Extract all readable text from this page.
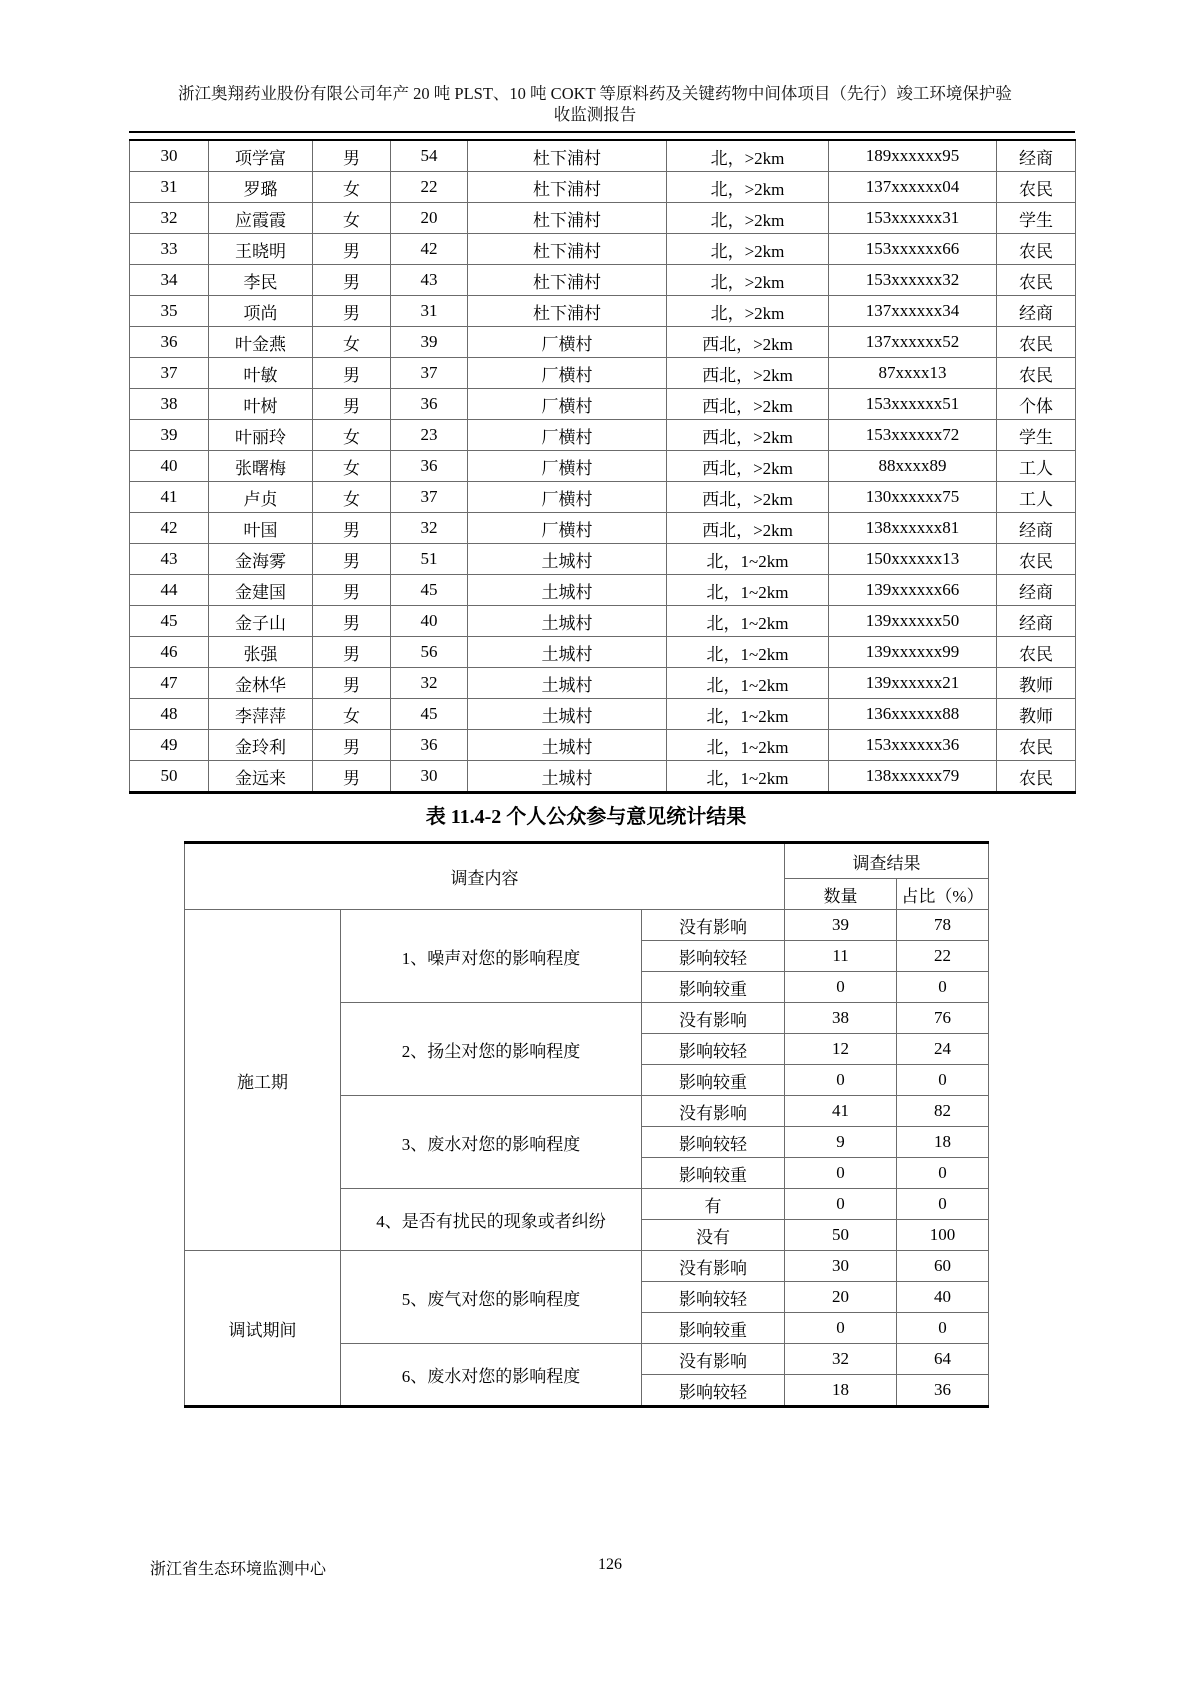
浙江奥翔药业股份有限公司年产 20 吨 PLST、10 吨 COKT 等原料药及关键药物中间体项目（先行）竣工环境保护验
收监测报告
30	项学富	男	54	杜下浦村	北，>2km	189xxxxxx95	经商
31	罗璐	女	22	杜下浦村	北，>2km	137xxxxxx04	农民
32	应霞霞	女	20	杜下浦村	北，>2km	153xxxxxx31	学生
33	王晓明	男	42	杜下浦村	北，>2km	153xxxxxx66	农民
34	李民	男	43	杜下浦村	北，>2km	153xxxxxx32	农民
35	项尚	男	31	杜下浦村	北，>2km	137xxxxxx34	经商
36	叶金燕	女	39	厂横村	西北，>2km	137xxxxxx52	农民
37	叶敏	男	37	厂横村	西北，>2km	87xxxx13	农民
38	叶树	男	36	厂横村	西北，>2km	153xxxxxx51	个体
39	叶丽玲	女	23	厂横村	西北，>2km	153xxxxxx72	学生
40	张曙梅	女	36	厂横村	西北，>2km	88xxxx89	工人
41	卢贞	女	37	厂横村	西北，>2km	130xxxxxx75	工人
42	叶国	男	32	厂横村	西北，>2km	138xxxxxx81	经商
43	金海雾	男	51	土城村	北，1~2km	150xxxxxx13	农民
44	金建国	男	45	土城村	北，1~2km	139xxxxxx66	经商
45	金子山	男	40	土城村	北，1~2km	139xxxxxx50	经商
46	张强	男	56	土城村	北，1~2km	139xxxxxx99	农民
47	金林华	男	32	土城村	北，1~2km	139xxxxxx21	教师
48	李萍萍	女	45	土城村	北，1~2km	136xxxxxx88	教师
49	金玲利	男	36	土城村	北，1~2km	153xxxxxx36	农民
50	金远来	男	30	土城村	北，1~2km	138xxxxxx79	农民
表 11.4-2 个人公众参与意见统计结果
调查内容			调查结果	
			数量	占比（%）
施工期	1、噪声对您的影响程度	没有影响	39	78
		影响较轻	11	22
		影响较重	0	0
	2、扬尘对您的影响程度	没有影响	38	76
		影响较轻	12	24
		影响较重	0	0
	3、废水对您的影响程度	没有影响	41	82
		影响较轻	9	18
		影响较重	0	0
	4、是否有扰民的现象或者纠纷	有	0	0
		没有	50	100
调试期间	5、废气对您的影响程度	没有影响	30	60
		影响较轻	20	40
		影响较重	0	0
	6、废水对您的影响程度	没有影响	32	64
		影响较轻	18	36
浙江省生态环境监测中心	126
